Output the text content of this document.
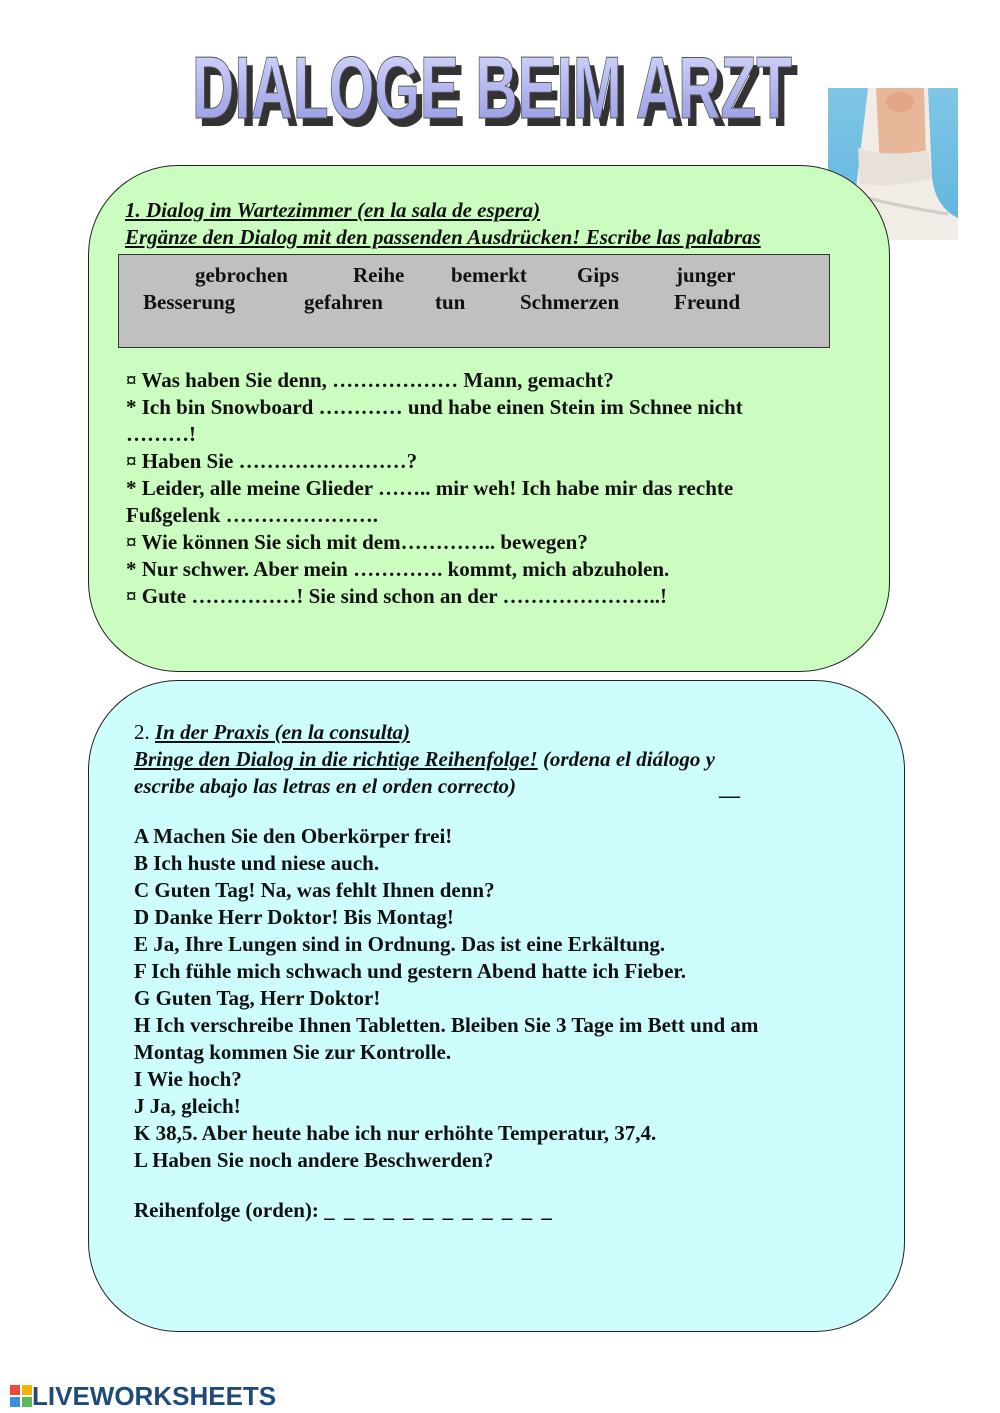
DIALOGE BEIM ARZT
DIALOGE BEIM ARZT
1. Dialog im Wartezimmer (en la sala de espera)
Ergänze den Dialog mit den passenden Ausdrücken! Escribe las palabras
gebrochen	Reihe bemerkt Gips	junger
Besserung	gefahren tun	Schmerzen	Freund
¤ Was haben Sie denn, ……………… Mann, gemacht?
* Ich bin Snowboard ………… und habe einen Stein im Schnee nicht
………!
¤ Haben Sie ……………………?
* Leider, alle meine Glieder …….. mir weh! Ich habe mir das rechte
Fußgelenk ………………….
¤ Wie können Sie sich mit dem………….. bewegen?
* Nur schwer. Aber mein …………. kommt, mich abzuholen.
¤ Gute ……………! Sie sind schon an der …………………..!
2. In der Praxis (en la consulta)
Bringe den Dialog in die richtige Reihenfolge! (ordena el diálogo y
escribe abajo las letras en el orden correcto)	—
A Machen Sie den Oberkörper frei!
B Ich huste und niese auch.
C Guten Tag! Na, was fehlt Ihnen denn?
D Danke Herr Doktor! Bis Montag!
E Ja, Ihre Lungen sind in Ordnung. Das ist eine Erkältung.
F Ich fühle mich schwach und gestern Abend hatte ich Fieber.
G Guten Tag, Herr Doktor!
H Ich verschreibe Ihnen Tabletten. Bleiben Sie 3 Tage im Bett und am
Montag kommen Sie zur Kontrolle.
I Wie hoch?
J Ja, gleich!
K 38,5. Aber heute habe ich nur erhöhte Temperatur, 37,4.
L Haben Sie noch andere Beschwerden?
Reihenfolge (orden): _ _ _ _ _ _ _ _ _ _ _ _
LIVEWORKSHEETS
